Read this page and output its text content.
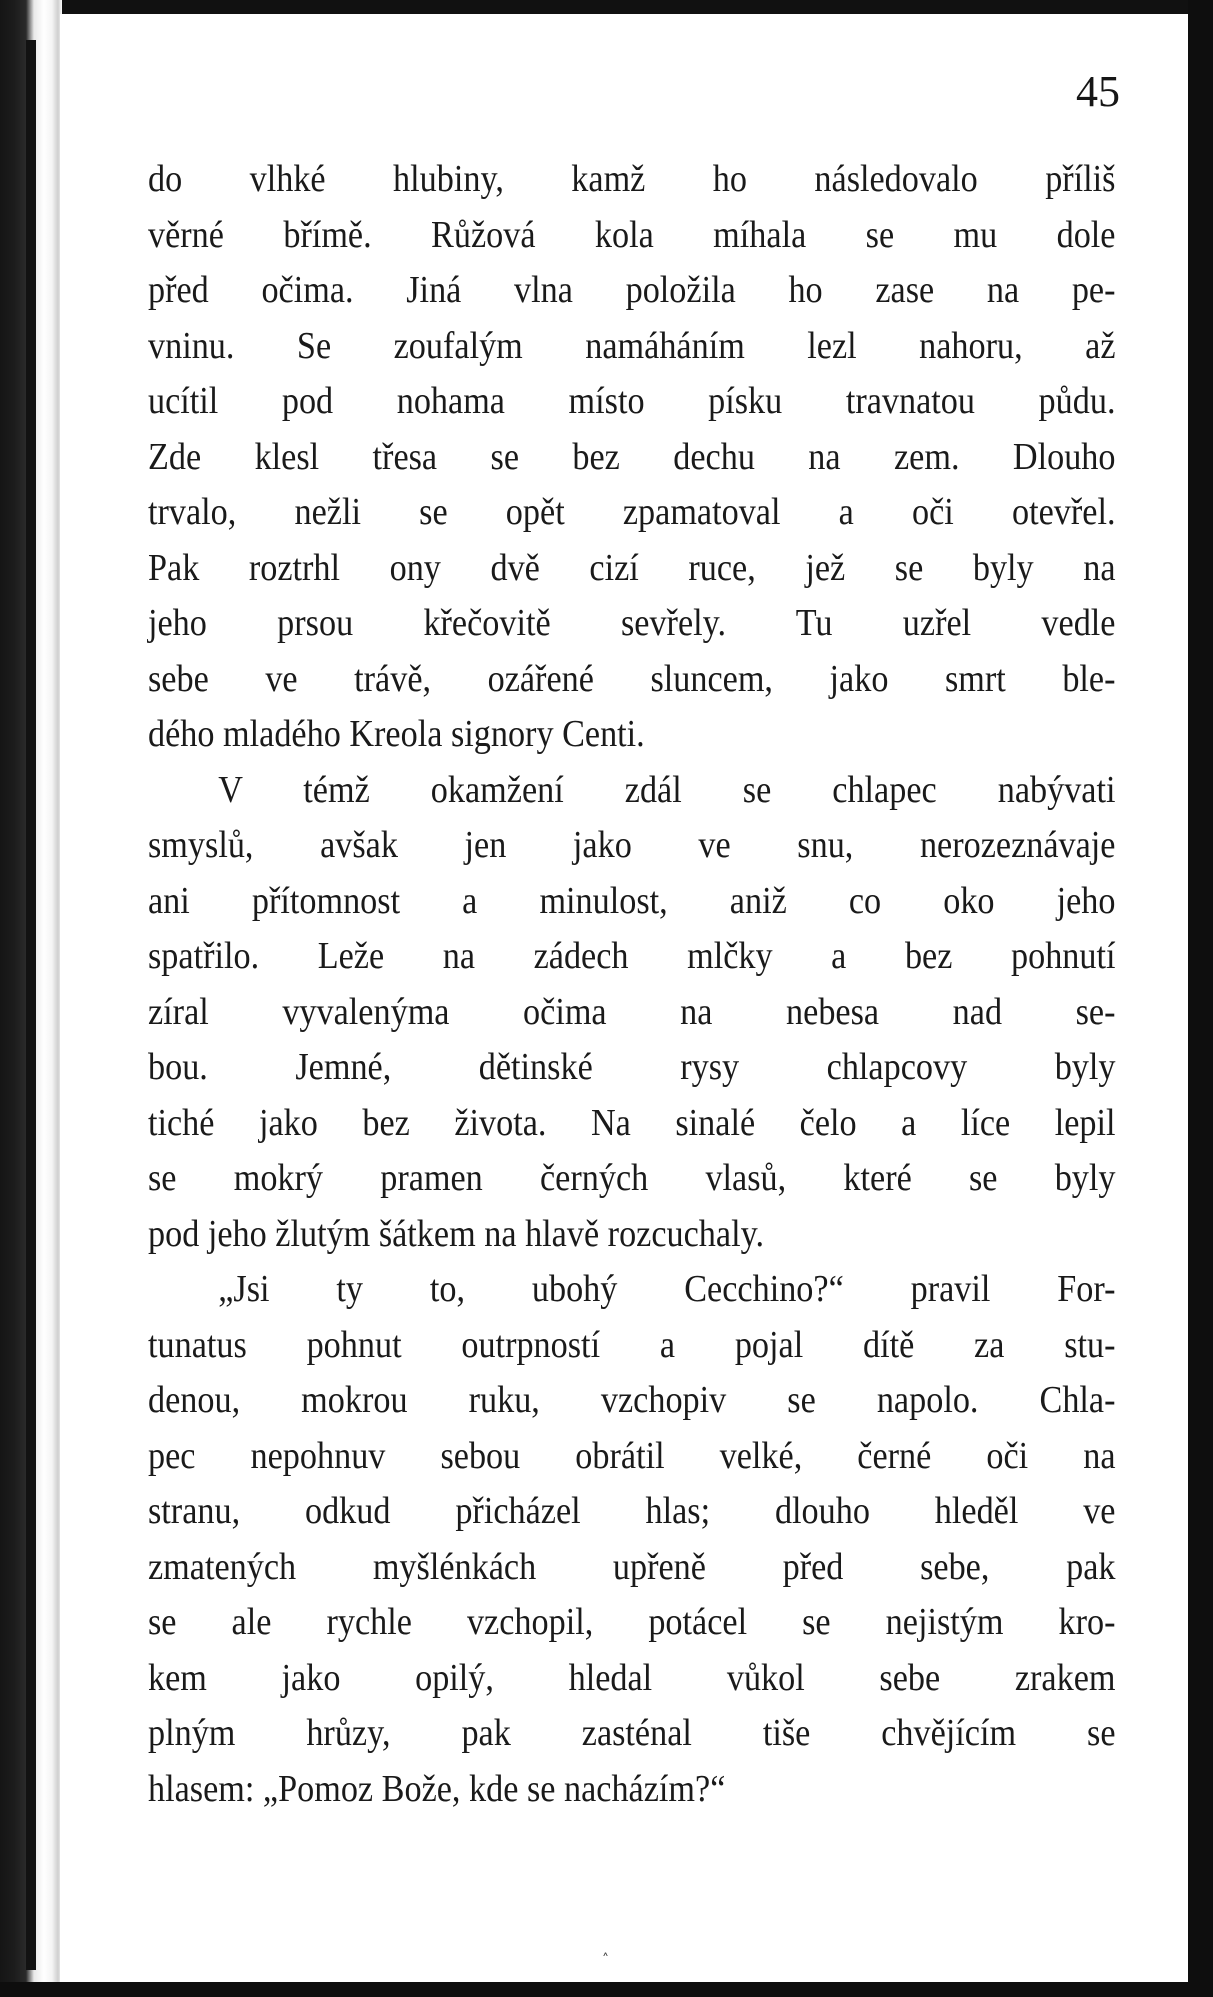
45
do vlhké hlubiny, kamž ho následovalo příliš
věrné břímě. Růžová kola míhala se mu dole
před očima. Jiná vlna položila ho zase na pe-
vninu. Se zoufalým namáháním lezl nahoru, až
ucítil pod nohama místo písku travnatou půdu.
Zde klesl třesa se bez dechu na zem. Dlouho
trvalo, nežli se opět zpamatoval a oči otevřel.
Pak roztrhl ony dvě cizí ruce, jež se byly na
jeho prsou křečovitě sevřely. Tu uzřel vedle
sebe ve trávě, ozářené sluncem, jako smrt ble-
dého mladého Kreola signory Centi.
V témž okamžení zdál se chlapec nabývati
smyslů, avšak jen jako ve snu, nerozeznávaje
ani přítomnost a minulost, aniž co oko jeho
spatřilo. Leže na zádech mlčky a bez pohnutí
zíral vyvalenýma očima na nebesa nad se-
bou. Jemné, dětinské rysy chlapcovy byly
tiché jako bez života. Na sinalé čelo a líce lepil
se mokrý pramen černých vlasů, které se byly
pod jeho žlutým šátkem na hlavě rozcuchaly.
„Jsi ty to, ubohý Cecchino?“ pravil For-
tunatus pohnut outrpností a pojal dítě za stu-
denou, mokrou ruku, vzchopiv se napolo. Chla-
pec nepohnuv sebou obrátil velké, černé oči na
stranu, odkud přicházel hlas; dlouho hleděl ve
zmatených myšlénkách upřeně před sebe, pak
se ale rychle vzchopil, potácel se nejistým kro-
kem jako opilý, hledal vůkol sebe zrakem
plným hrůzy, pak zasténal tiše chvějícím se
hlasem: „Pomoz Bože, kde se nacházím?“
˄
